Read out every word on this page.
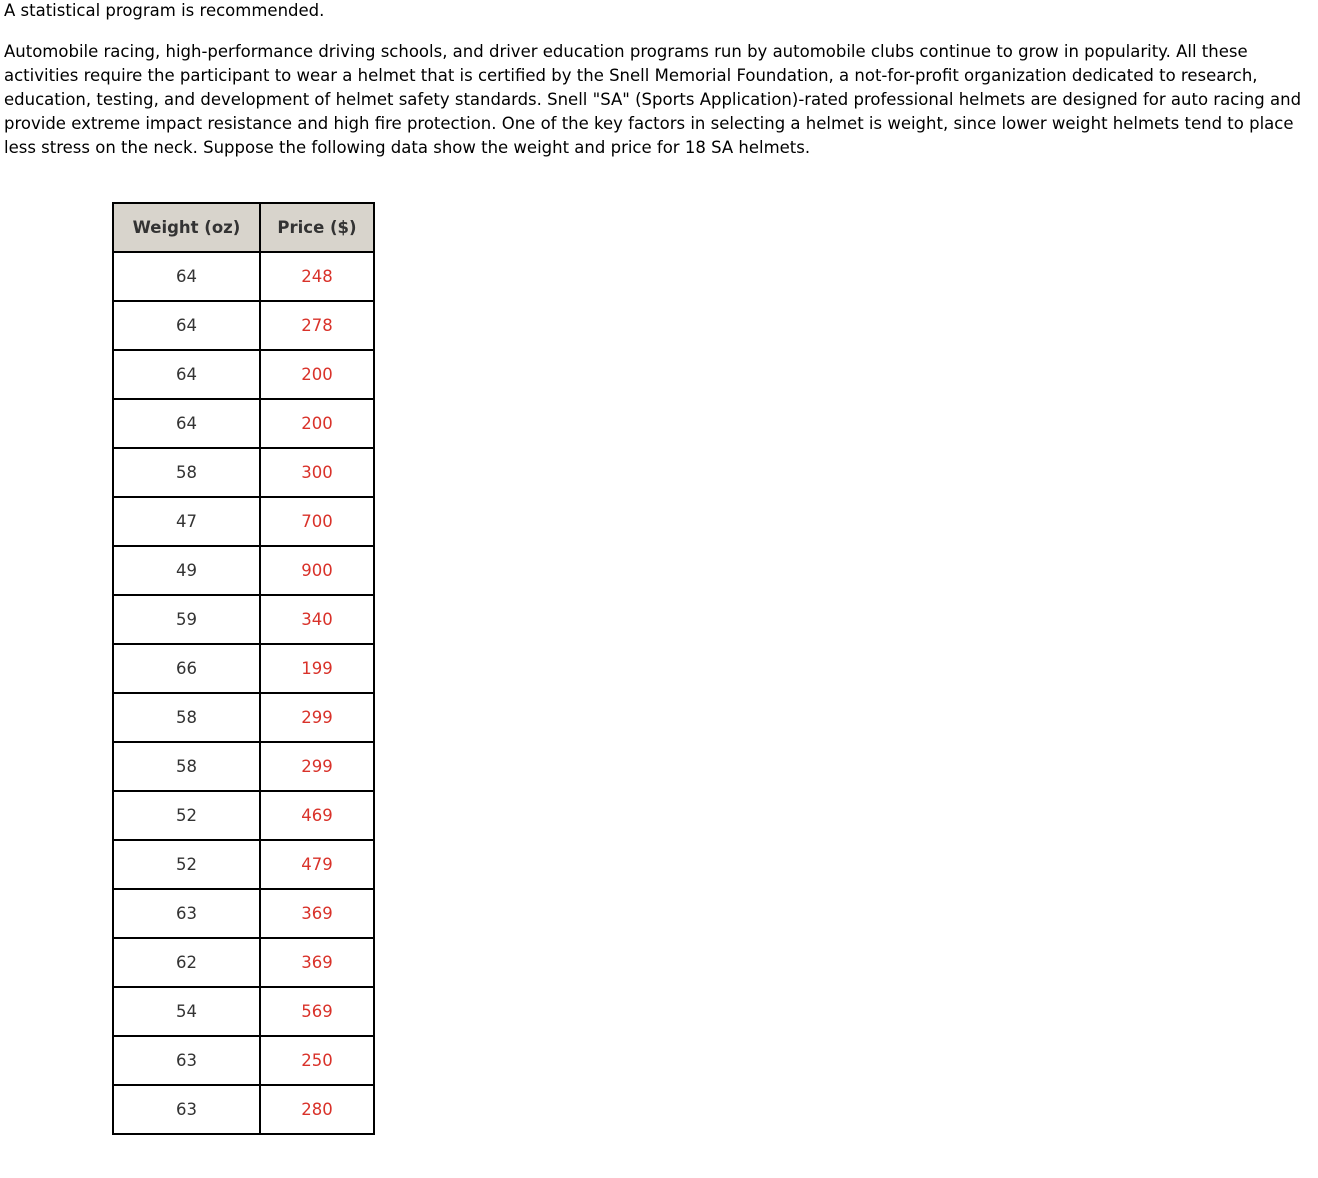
A statistical program is recommended.
Automobile racing, high-performance driving schools, and driver education programs run by automobile clubs continue to grow in popularity. All these activities require the participant to wear a helmet that is certified by the Snell Memorial Foundation, a not-for-profit organization dedicated to research, education, testing, and development of helmet safety standards. Snell "SA" (Sports Application)-rated professional helmets are designed for auto racing and provide extreme impact resistance and high fire protection. One of the key factors in selecting a helmet is weight, since lower weight helmets tend to place less stress on the neck. Suppose the following data show the weight and price for 18 SA helmets.
Weight (oz)	Price ($)
64	248
64	278
64	200
64	200
58	300
47	700
49	900
59	340
66	199
58	299
58	299
52	469
52	479
63	369
62	369
54	569
63	250
63	280
